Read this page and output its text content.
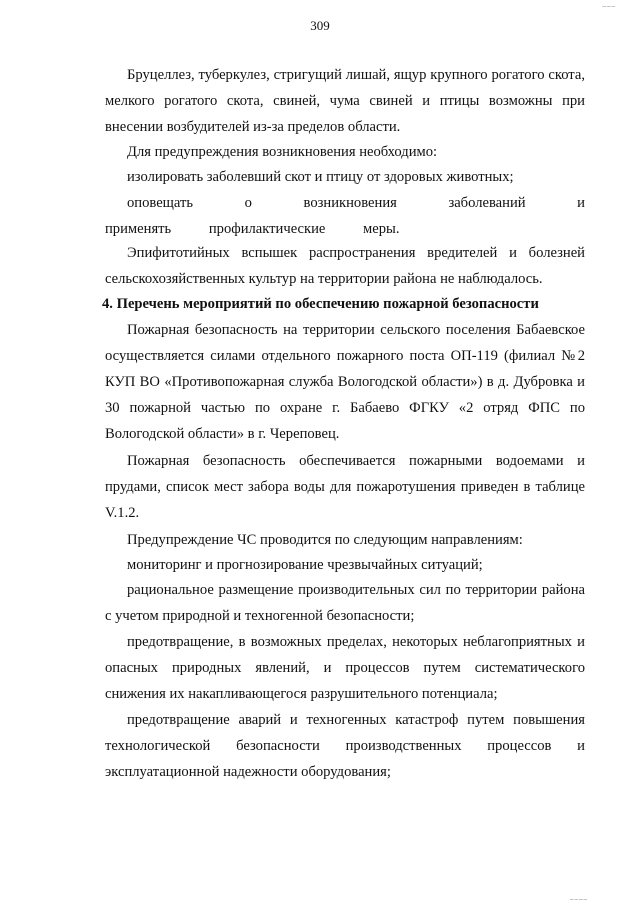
___
309

Бруцеллез, туберкулез, стригущий лишай, ящур крупного рогатого скота, мелкого рогатого скота, свиней, чума свиней и птицы возможны при внесении возбудителей из-за пределов области.

Для предупреждения возникновения необходимо:

изолировать заболевший скот и птицу от здоровых животных;

оповещать о возникновения заболеваний и применять профилактические меры.

Эпифитотийных вспышек распространения вредителей и болезней сельскохозяйственных культур на территории района не наблюдалось.

4. Перечень мероприятий по обеспечению пожарной безопасности

Пожарная безопасность на территории сельского поселения Бабаевское осуществляется силами отдельного пожарного поста ОП-119 (филиал №2 КУП ВО «Противопожарная служба Вологодской области») в д. Дубровка и 30 пожарной частью по охране г. Бабаево ФГКУ «2 отряд ФПС по Вологодской области» в г. Череповец.

Пожарная безопасность обеспечивается пожарными водоемами и прудами, список мест забора воды для пожаротушения приведен в таблице V.1.2.

Предупреждение ЧС проводится по следующим направлениям:

мониторинг и прогнозирование чрезвычайных ситуаций;

рациональное размещение производительных сил по территории района с учетом природной и техногенной безопасности;

предотвращение, в возможных пределах, некоторых неблагоприятных и опасных природных явлений, и процессов путем систематического снижения их накапливающегося разрушительного потенциала;

предотвращение аварий и техногенных катастроф путем повышения технологической безопасности производственных процессов и эксплуатационной надежности оборудования;

____
